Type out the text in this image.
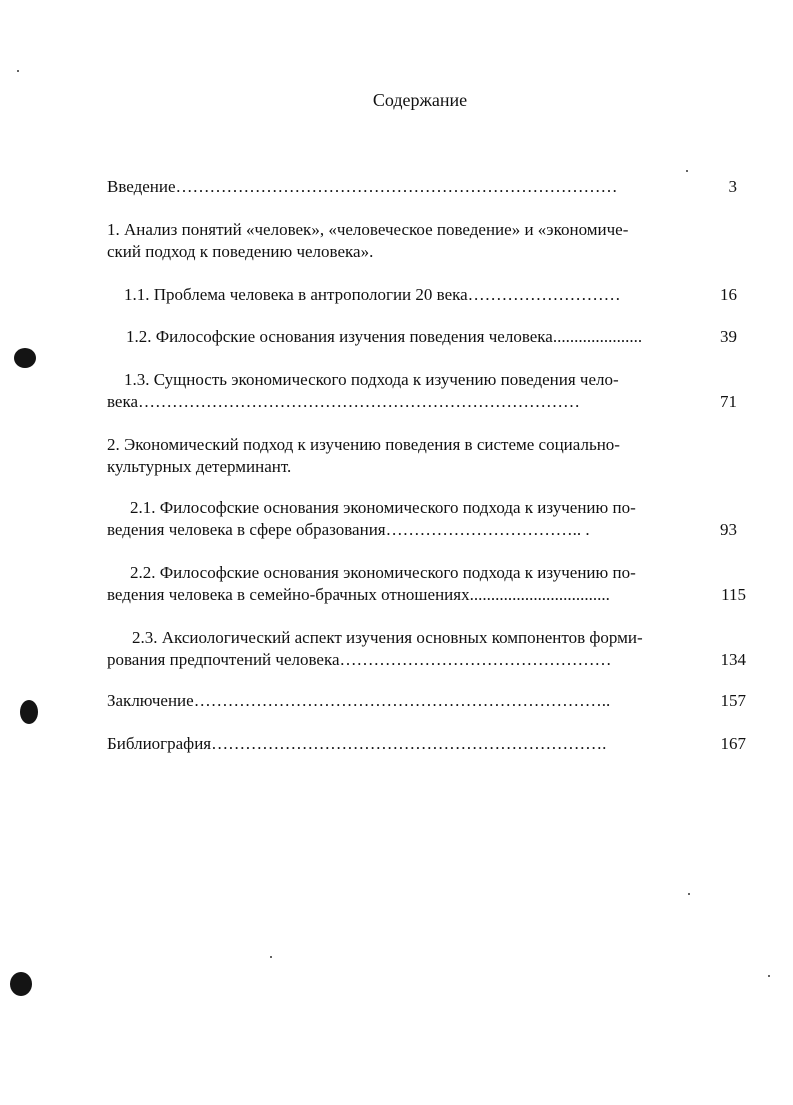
Содержание
Введение……………………………………………………………………	3
1. Анализ понятий «человек», «человеческое поведение» и «экономиче-
ский подход к поведению человека».
1.1. Проблема человека в антропологии 20 века………………………	16
1.2. Философские основания изучения поведения человека.....................	39
1.3. Сущность экономического подхода к изучению поведения чело-
века……………………………………………………………………	71
2. Экономический подход к изучению поведения в системе социально-
культурных детерминант.
2.1. Философские основания экономического подхода к изучению по-
ведения человека в сфере образования…………………………….. .	93
2.2. Философские основания экономического подхода к изучению по-
ведения человека в семейно-брачных отношениях.................................	115
2.3. Аксиологический аспект изучения основных компонентов форми-
рования предпочтений человека…………………………………………	134
Заключение………………………………………………………………..	157
Библиография…………………………………………………………….	167
